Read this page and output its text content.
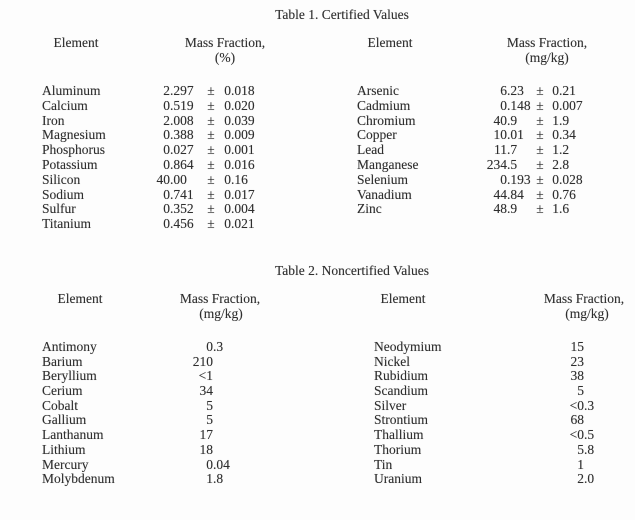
Table 1. Certified Values
Element	Mass Fraction,
(%)
Element	Mass Fraction,
(mg/kg)
Aluminum	2 .297	± 0 .018	Arsenic	6 .23 ± 0 .21
Calcium	0 .519	± 0 .020	Cadmium	0 .148 ± 0 .007
Iron	2 .008	± 0 .039	Chromium	40 .9	± 1 .9
Magnesium	0 .388	± 0 .009	Copper	10 .01 ± 0 .34
Phosphorus	0 .027	± 0 .001	Lead	11 .7	± 1 .2
Potassium	0 .864	± 0 .016	Manganese	234 .5	± 2 .8
Silicon	40 .00	± 0 .16	Selenium	0 .193 ± 0 .028
Sodium	0 .741	± 0 .017	Vanadium	44 .84 ± 0 .76
Sulfur	0 .352	± 0 .004	Zinc	48 .9	± 1 .6
Titanium	0 .456	± 0 .021
Table 2. Noncertified Values
Element	Mass Fraction,
(mg/kg)
Element	Mass Fraction,
(mg/kg)
Antimony	0 .3	Neodymium	15
Barium	210	Nickel	23
Beryllium	<1	Rubidium	38
Cerium	34	Scandium	5
Cobalt	5	Silver	<0 .3
Gallium	5	Strontium	68
Lanthanum	17	Thallium	<0 .5
Lithium	18	Thorium	5 .8
Mercury	0 .04	Tin	1
Molybdenum	1 .8	Uranium	2 .0
